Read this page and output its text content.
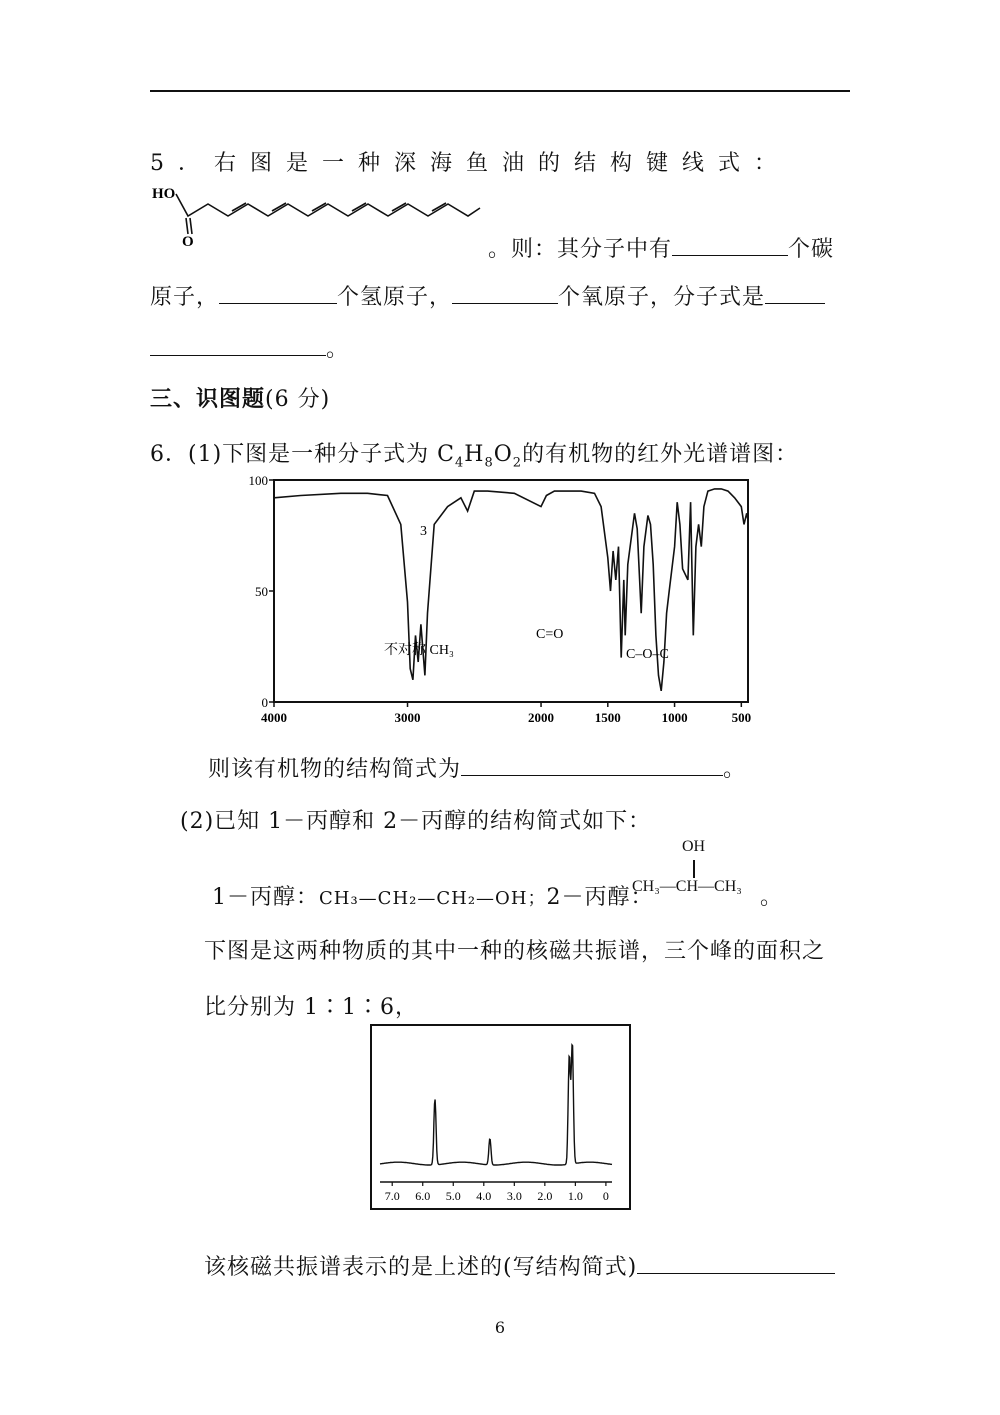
5．右图是一种深海鱼油的结构键线式：
HO
O	。则：其分子中有	个碳
原子，	个氢原子，	个氧原子，分子式是
。
三、识图题(6 分)
6．(1)下图是一种分子式为 $C_4H_8O_2$的有机物的红外光谱谱图：
100
50
0
4000	3000	2000	1500	1000	500
3
不对称 CH₃
C=O
C–O–C
则该有机物的结构简式为	。
(2)已知 1－丙醇和 2－丙醇的结构简式如下：
1－丙醇：CH₃—CH₂—CH₂—OH；2－丙醇：
OH
CH₃—CH—CH₃ 。
下图是这两种物质的其中一种的核磁共振谱，三个峰的面积之
比分别为 1∶1∶6，
7.0 6.0 5.0 4.0 3.0 2.0 1.0 0
该核磁共振谱表示的是上述的(写结构简式)
6
